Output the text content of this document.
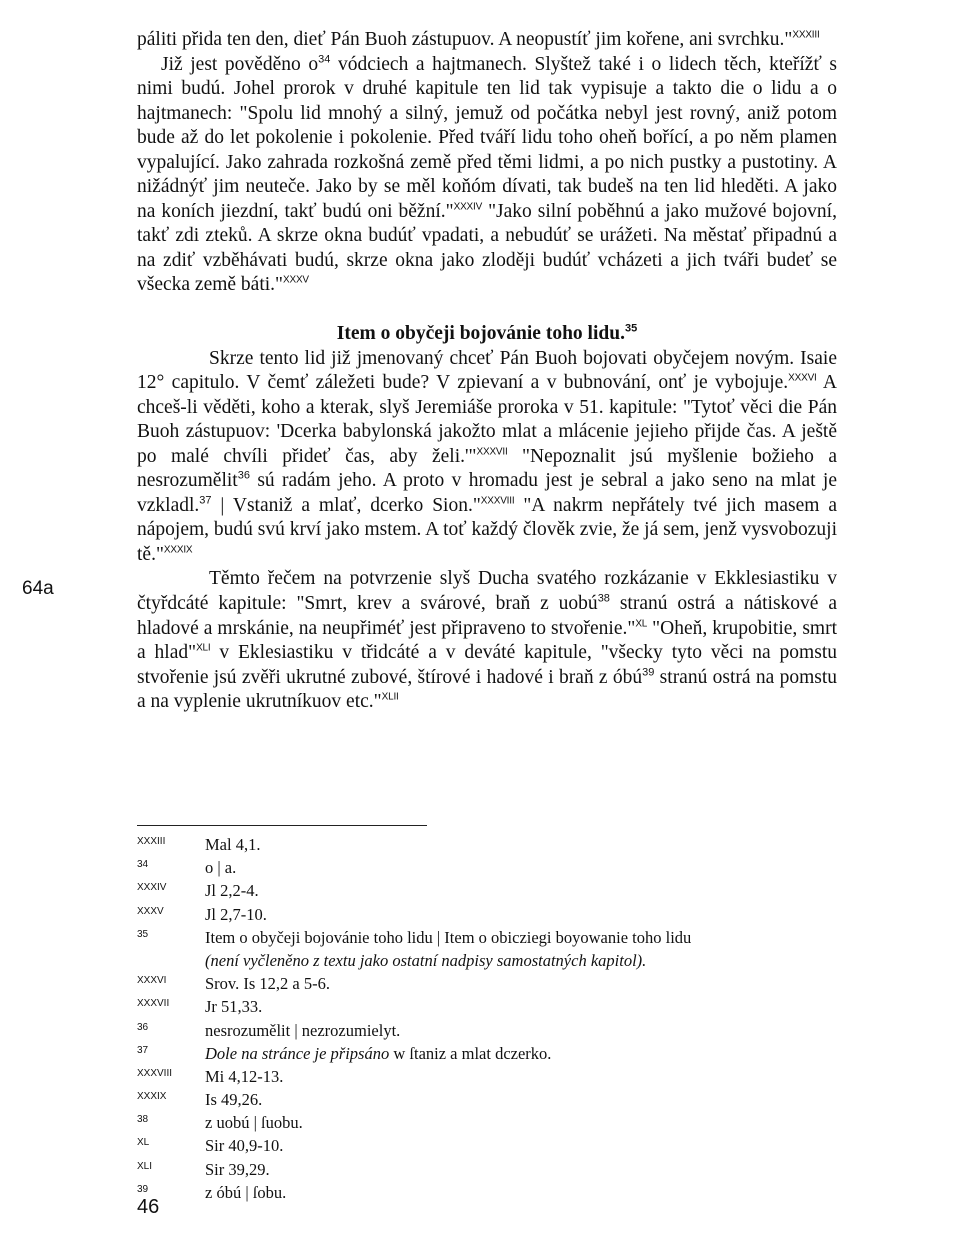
páliti přida ten den, dieť Pán Buoh zástupuov. A neopustíť jim kořene, ani svrchku."$^{XXXIII}$

Již jest pověděno o$^{34}$ vódciech a hajtmanech. Slyštež také i o lidech těch, kteřížť s nimi budú. Johel prorok v druhé kapitule ten lid tak vypisuje a takto die o lidu a o hajtmanech: "Spolu lid mnohý a silný, jemuž od počátka nebyl jest rovný, aniž potom bude až do let pokolenie i pokolenie. Před tváří lidu toho oheň bořící, a po něm plamen vypalující. Jako zahrada rozkošná země před těmi lidmi, a po nich pustky a pustotiny. A nižádnýť jim neuteče. Jako by se měl koňóm dívati, tak budeš na ten lid hleděti. A jako na koních jiezdní, takť budú oni běžní."$^{XXXIV}$ "Jako silní poběhnú a jako mužové bojovní, takť zdi zteků. A skrze okna budúť vpadati, a nebudúť se urážeti. Na městať připadnú a na zdiť vzběhávati budú, skrze okna jako zloději budúť vcházeti a jich tváři budeť se všecka země báti."$^{XXXV}$

Item o obyčeji bojovánie toho lidu.$^{35}$

Skrze tento lid již jmenovaný chceť Pán Buoh bojovati obyčejem novým. Isaie 12° capitulo. V čemť záležeti bude? V zpievaní a v bubnování, onť je vybojuje.$^{XXXVI}$ A chceš-li věděti, koho a kterak, slyš Jeremiáše proroka v 51. kapitule: "Tytoť věci die Pán Buoh zástupuov: 'Dcerka babylonská jakožto mlat a mlácenie jejieho přijde čas. A ještě po malé chvíli přideť čas, aby želi.'"$^{XXXVII}$ "Nepoznalit jsú myšlenie božieho a nesrozumělit$^{36}$ sú radám jeho. A proto v hromadu jest je sebral a jako seno na mlat je vzkladl.$^{37}$ | Vstaniž a mlať, dcerko Sion."$^{XXXVIII}$ "A nakrm nepřátely tvé jich masem a nápojem, budú svú krví jako mstem. A toť každý člověk zvie, že já sem, jenž vysvobozuji tě."$^{XXXIX}$

Těmto řečem na potvrzenie slyš Ducha svatého rozkázanie v Ekklesiastiku v čtyřdcáté kapitule: "Smrt, krev a svárové, braň z uobú$^{38}$ stranú ostrá a nátiskové a hladové a mrskánie, na neupřiméť jest připraveno to stvořenie."$^{XL}$ "Oheň, krupobitie, smrt a hlad"$^{XLI}$ v Eklesiastiku v třidcáté a v deváté kapitule, "všecky tyto věci na pomstu stvořenie jsú zvěři ukrutné zubové, štírové i hadové i braň z óbú$^{39}$ stranú ostrá na pomstu a na vyplenie ukrutníkuov etc."$^{XLII}$

64a
XXXIII	Mal 4,1.
34	o | a.
XXXIV	Jl 2,2-4.
XXXV	Jl 2,7-10.
35	Item o obyčeji bojovánie toho lidu | Item o obicziegi boyowanie toho lidu
(není vyčleněno z textu jako ostatní nadpisy samostatných kapitol).
XXXVI	Srov. Is 12,2 a 5-6.
XXXVII	Jr 51,33.
36	nesrozumělit | nezrozumielyt.
37	Dole na stránce je připsáno w ſtaniz a mlat dczerko.
XXXVIII	Mi 4,12-13.
XXXIX	Is 49,26.
38	z uobú | ſuobu.
XL	Sir 40,9-10.
XLI	Sir 39,29.
39	z óbú | ſobu.
46
